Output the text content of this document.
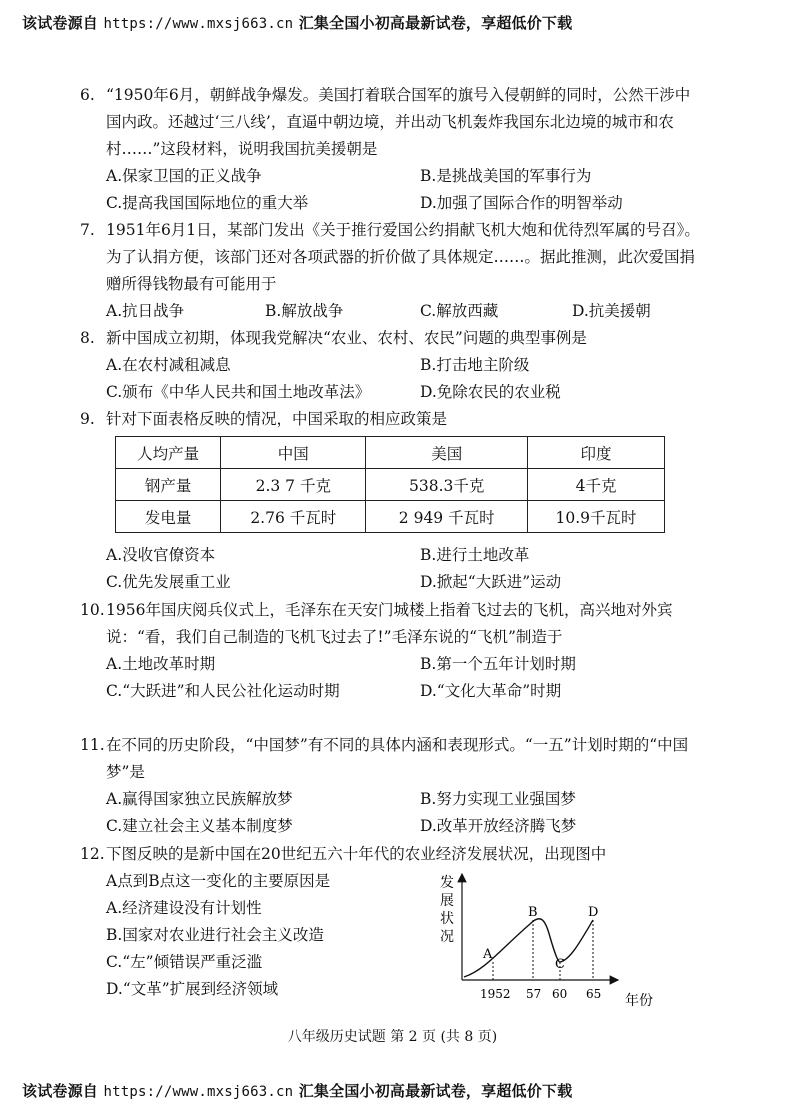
该试卷源自 https://www.mxsj663.cn 汇集全国小初高最新试卷，享超低价下载
6. “1950年6月，朝鲜战争爆发。美国打着联合国军的旗号入侵朝鲜的同时，公然干涉中国内政。还越过‘三八线’，直逼中朝边境，并出动飞机轰炸我国东北边境的城市和农村……”这段材料，说明我国抗美援朝是
A.保家卫国的正义战争	B.是挑战美国的军事行为
C.提高我国国际地位的重大举	D.加强了国际合作的明智举动
7. 1951年6月1日，某部门发出《关于推行爱国公约捐献飞机大炮和优待烈军属的号召》。为了认捐方便，该部门还对各项武器的折价做了具体规定……。据此推测，此次爱国捐赠所得钱物最有可能用于
A.抗日战争	B.解放战争	C.解放西藏	D.抗美援朝
8. 新中国成立初期，体现我党解决“农业、农村、农民”问题的典型事例是
A.在农村减租减息	B.打击地主阶级
C.颁布《中华人民共和国土地改革法》	D.免除农民的农业税
9. 针对下面表格反映的情况，中国采取的相应政策是
人均产量	中国	美国	印度
钢产量	2.3 7 千克	538.3千克	4千克
发电量	2.76 千瓦时	2 949 千瓦时	10.9千瓦时
A.没收官僚资本	B.进行土地改革
C.优先发展重工业	D.掀起“大跃进”运动
10. 1956年国庆阅兵仪式上，毛泽东在天安门城楼上指着飞过去的飞机，高兴地对外宾说：“看，我们自己制造的飞机飞过去了!”毛泽东说的“飞机”制造于
A.土地改革时期	B.第一个五年计划时期
C.“大跃进”和人民公社化运动时期	D.“文化大革命”时期
11. 在不同的历史阶段，“中国梦”有不同的具体内涵和表现形式。“一五”计划时期的“中国梦”是
A.赢得国家独立民族解放梦	B.努力实现工业强国梦
C.建立社会主义基本制度梦	D.改革开放经济腾飞梦
12. 下图反映的是新中国在20世纪五六十年代的农业经济发展状况，出现图中
A点到B点这一变化的主要原因是
A.经济建设没有计划性
B.国家对农业进行社会主义改造
C.“左”倾错误严重泛滥
D.“文革”扩展到经济领域
发
展
状
况
A
B
C
D
1952 57 60 65 年份
八年级历史试题 第 2 页 (共 8 页)
该试卷源自 https://www.mxsj663.cn 汇集全国小初高最新试卷，享超低价下载
